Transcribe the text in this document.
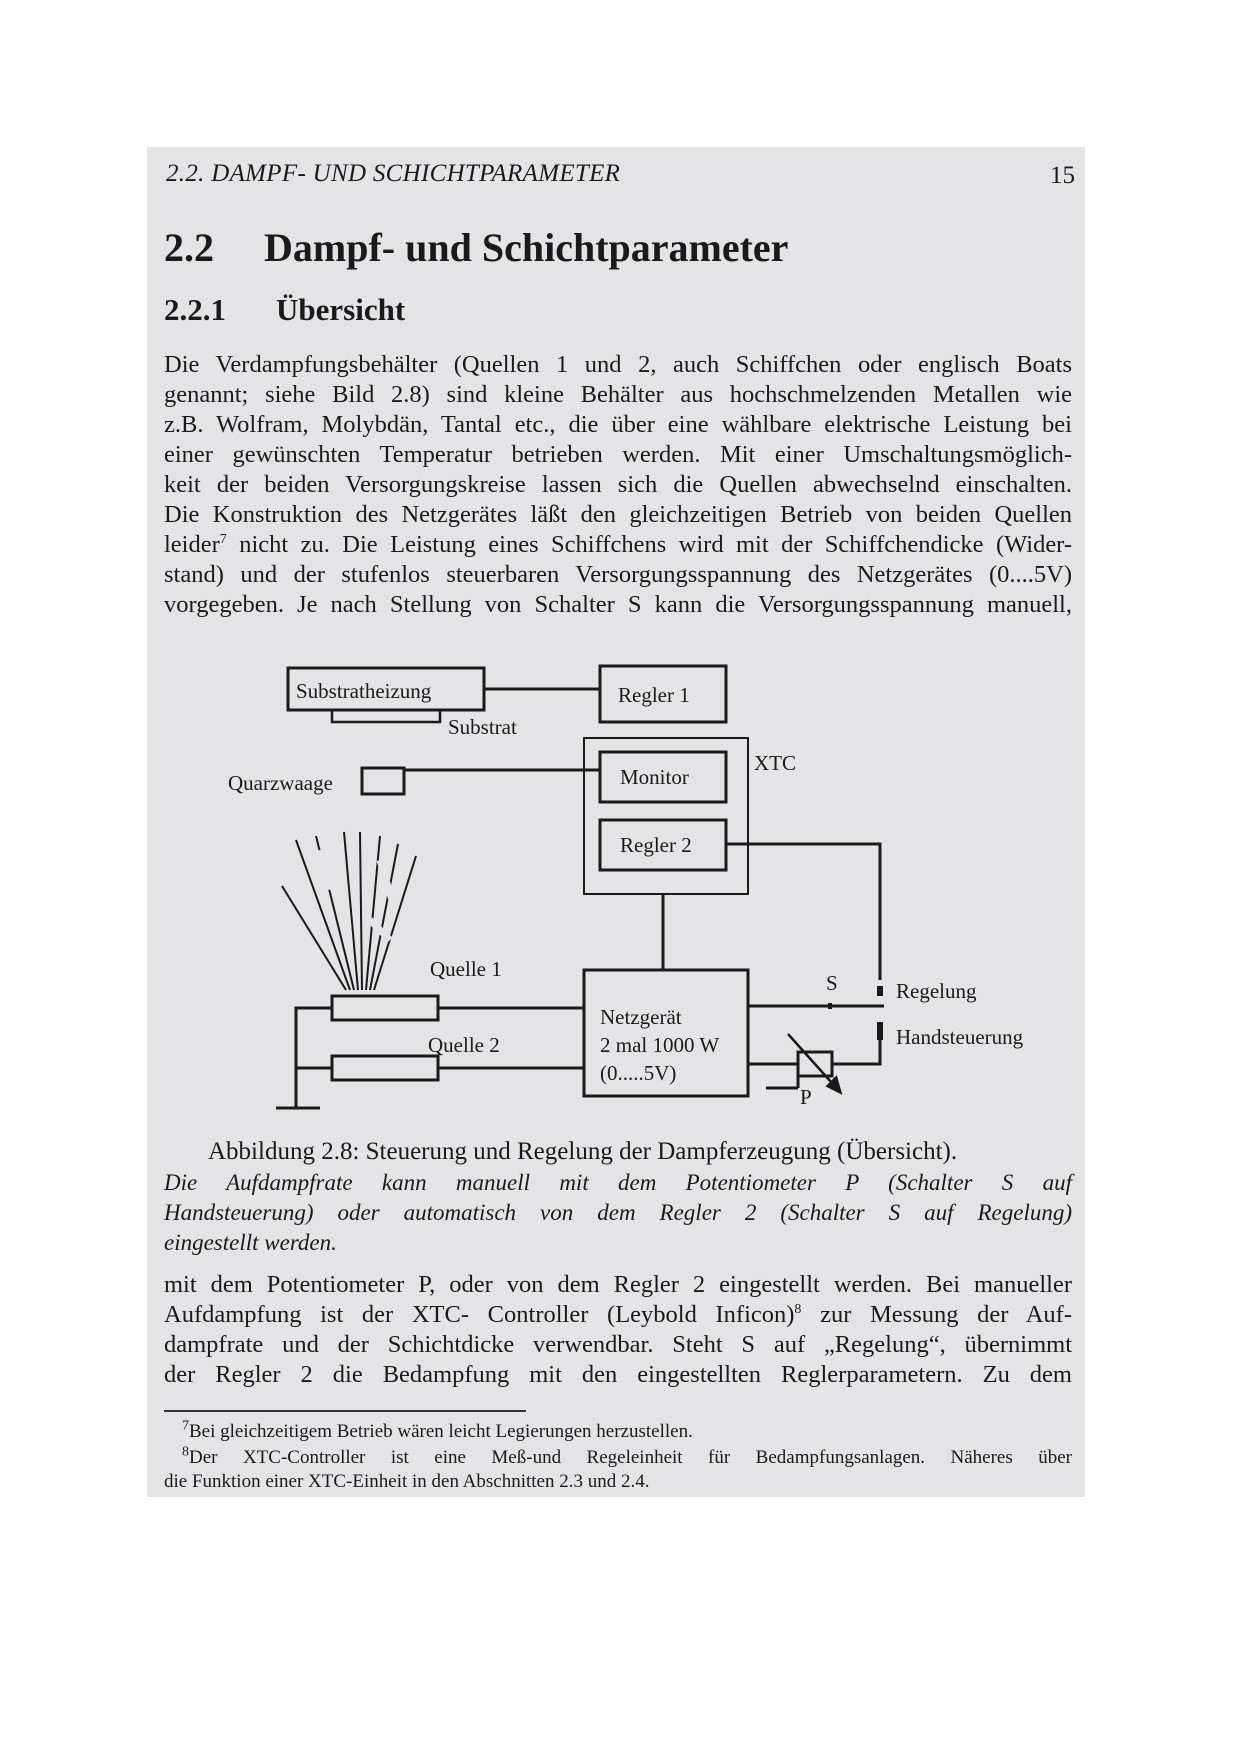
2.2. DAMPF- UND SCHICHTPARAMETER	15
2.2 Dampf- und Schichtparameter
2.2.1 Übersicht
Die Verdampfungsbehälter (Quellen 1 und 2, auch Schiffchen oder englisch Boats
genannt; siehe Bild 2.8) sind kleine Behälter aus hochschmelzenden Metallen wie
z.B. Wolfram, Molybdän, Tantal etc., die über eine wählbare elektrische Leistung bei
einer gewünschten Temperatur betrieben werden. Mit einer Umschaltungsmöglich-
keit der beiden Versorgungskreise lassen sich die Quellen abwechselnd einschalten.
Die Konstruktion des Netzgerätes läßt den gleichzeitigen Betrieb von beiden Quellen
leider$^7$ nicht zu. Die Leistung eines Schiffchens wird mit der Schiffchendicke (Wider-
stand) und der stufenlos steuerbaren Versorgungsspannung des Netzgerätes (0....5V)
vorgegeben. Je nach Stellung von Schalter S kann die Versorgungsspannung manuell,
Substratheizung
Substrat
Regler 1
XTC
Monitor
Quarzwaage
Regler 2
Quelle 1
Quelle 2
Netzgerät
2 mal 1000 W
(0.....5V)
S	Regelung
Handsteuerung
P
Abbildung 2.8: Steuerung und Regelung der Dampferzeugung (Übersicht).
Die Aufdampfrate kann manuell mit dem Potentiometer P (Schalter S auf
Handsteuerung) oder automatisch von dem Regler 2 (Schalter S auf Regelung)
eingestellt werden.
mit dem Potentiometer P, oder von dem Regler 2 eingestellt werden. Bei manueller
Aufdampfung ist der XTC- Controller (Leybold Inficon)$^8$ zur Messung der Auf-
dampfrate und der Schichtdicke verwendbar. Steht S auf „Regelung“, übernimmt
der Regler 2 die Bedampfung mit den eingestellten Reglerparametern. Zu dem
$^7$Bei gleichzeitigem Betrieb wären leicht Legierungen herzustellen.
$^8$Der XTC-Controller ist eine Meß-und Regeleinheit für Bedampfungsanlagen. Näheres über
die Funktion einer XTC-Einheit in den Abschnitten 2.3 und 2.4.
